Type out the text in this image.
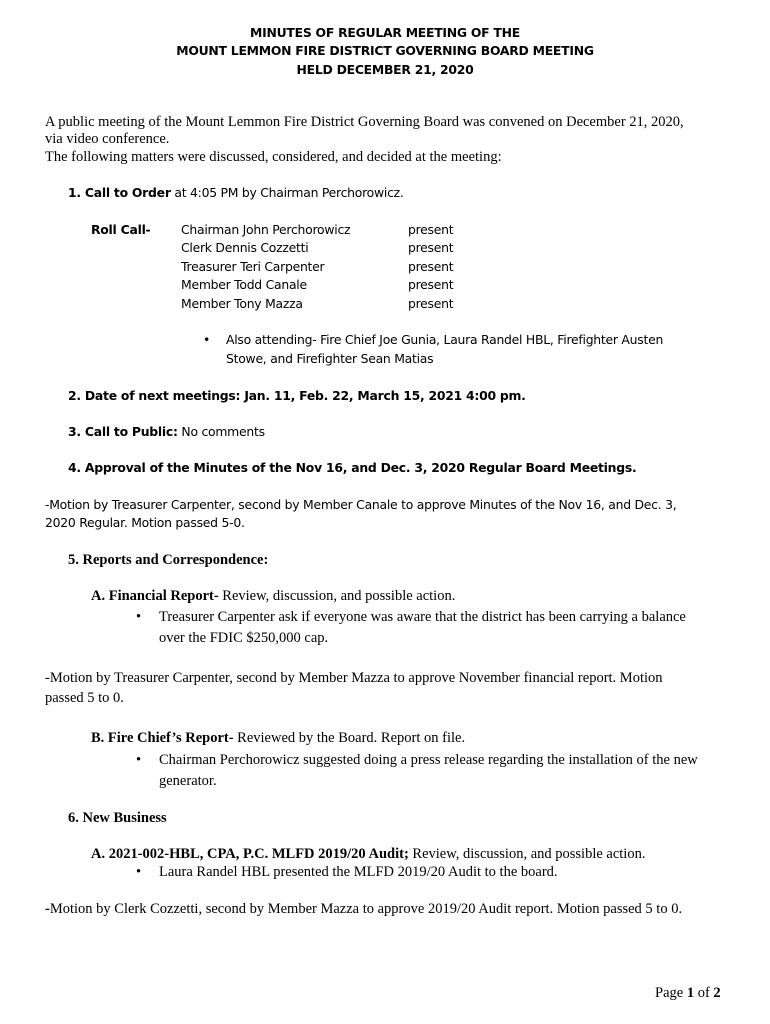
MINUTES OF REGULAR MEETING OF THE
MOUNT LEMMON FIRE DISTRICT GOVERNING BOARD MEETING
HELD DECEMBER 21, 2020
A public meeting of the Mount Lemmon Fire District Governing Board was convened on December 21, 2020,
via video conference.
The following matters were discussed, considered, and decided at the meeting:
1. Call to Order at 4:05 PM by Chairman Perchorowicz.
Roll Call- Chairman John Perchorowicz	present
Clerk Dennis Cozzetti	present
Treasurer Teri Carpenter	present
Member Todd Canale	present
Member Tony Mazza	present
• Also attending- Fire Chief Joe Gunia, Laura Randel HBL, Firefighter Austen
Stowe, and Firefighter Sean Matias
2. Date of next meetings: Jan. 11, Feb. 22, March 15, 2021 4:00 pm.
3. Call to Public: No comments
4. Approval of the Minutes of the Nov 16, and Dec. 3, 2020 Regular Board Meetings.
-Motion by Treasurer Carpenter, second by Member Canale to approve Minutes of the Nov 16, and Dec. 3,
2020 Regular. Motion passed 5-0.
5. Reports and Correspondence:
A. Financial Report- Review, discussion, and possible action.
• Treasurer Carpenter ask if everyone was aware that the district has been carrying a balance
over the FDIC $250,000 cap.
-Motion by Treasurer Carpenter, second by Member Mazza to approve November financial report. Motion
passed 5 to 0.
B. Fire Chief’s Report- Reviewed by the Board. Report on file.
• Chairman Perchorowicz suggested doing a press release regarding the installation of the new
generator.
6. New Business
A. 2021-002-HBL, CPA, P.C. MLFD 2019/20 Audit; Review, discussion, and possible action.
• Laura Randel HBL presented the MLFD 2019/20 Audit to the board.
-Motion by Clerk Cozzetti, second by Member Mazza to approve 2019/20 Audit report. Motion passed 5 to 0.
Page 1 of 2
